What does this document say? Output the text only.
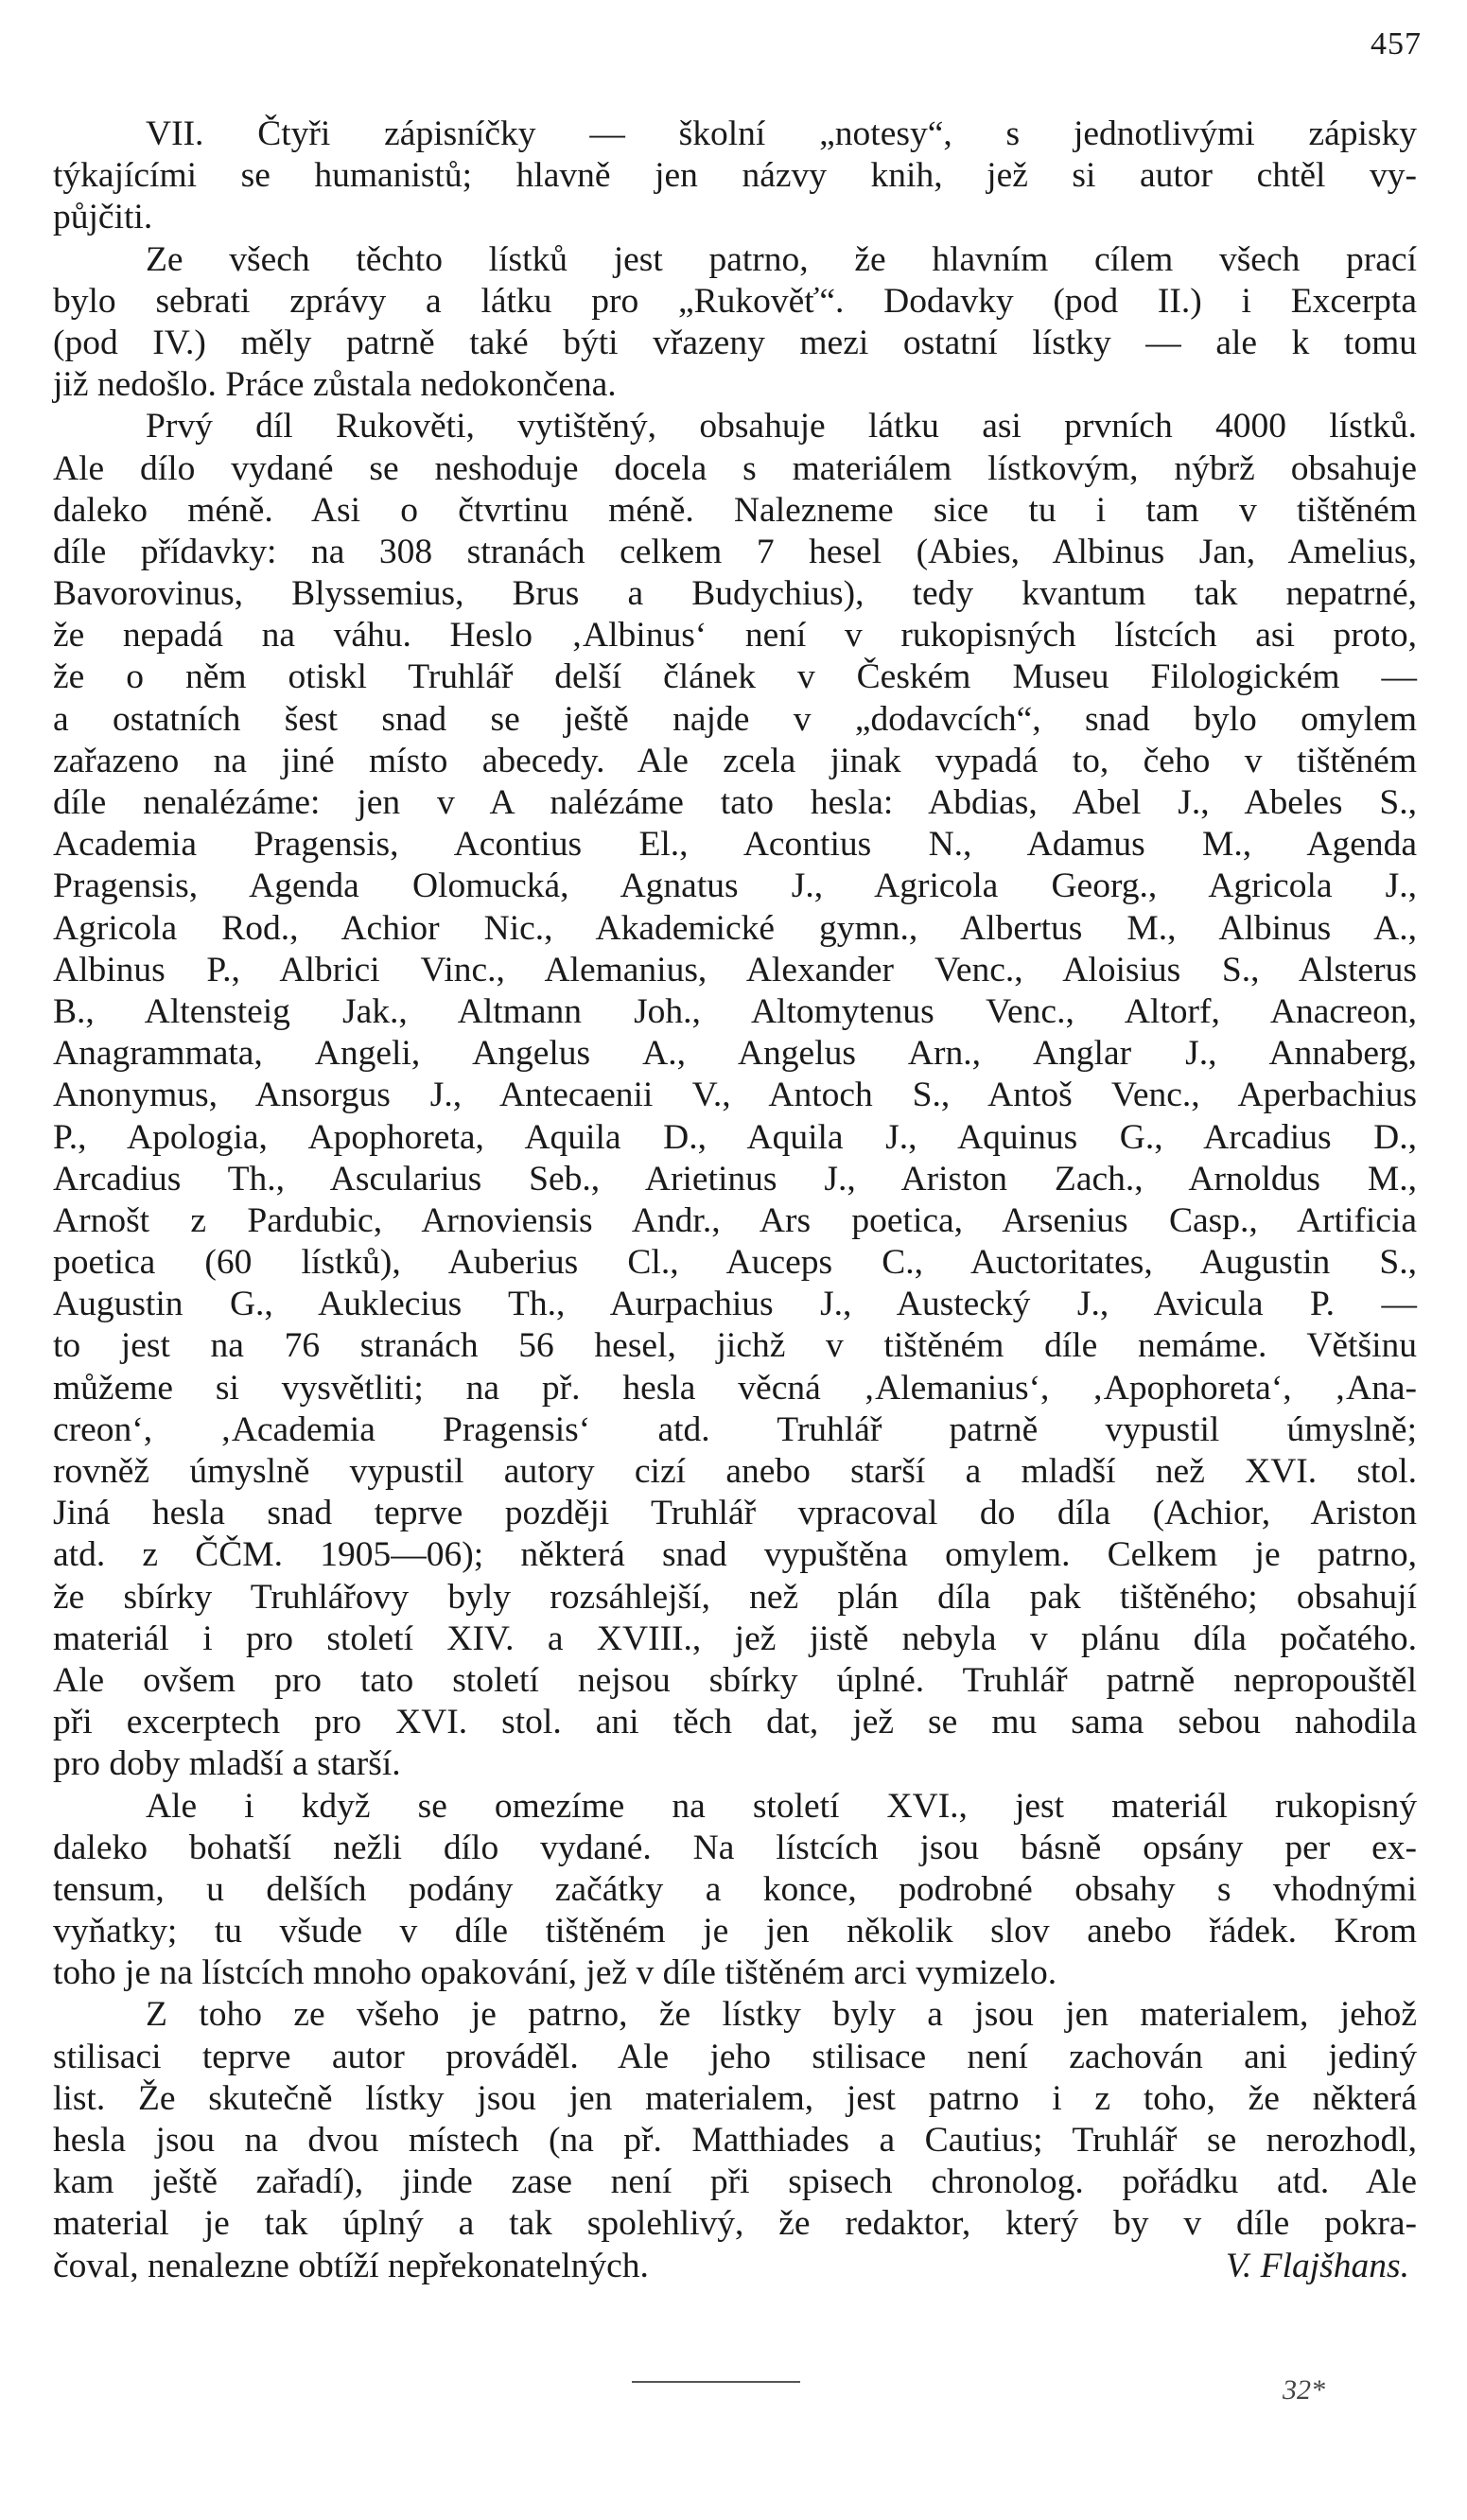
457
VII. Čtyři zápisníčky — školní „notesy“, s jednotlivými zápisky
týkajícími se humanistů; hlavně jen názvy knih, jež si autor chtěl vy-
půjčiti.
Ze všech těchto lístků jest patrno, že hlavním cílem všech prací
bylo sebrati zprávy a látku pro „Rukověť“. Dodavky (pod II.) i Excerpta
(pod IV.) měly patrně také býti vřazeny mezi ostatní lístky — ale k tomu
již nedošlo. Práce zůstala nedokončena.
Prvý díl Rukověti, vytištěný, obsahuje látku asi prvních 4000 lístků.
Ale dílo vydané se neshoduje docela s materiálem lístkovým, nýbrž obsahuje
daleko méně. Asi o čtvrtinu méně. Nalezneme sice tu i tam v tištěném
díle přídavky: na 308 stranách celkem 7 hesel (Abies, Albinus Jan, Amelius,
Bavorovinus, Blyssemius, Brus a Budychius), tedy kvantum tak nepatrné,
že nepadá na váhu. Heslo ‚Albinus‘ není v rukopisných lístcích asi proto,
že o něm otiskl Truhlář delší článek v Českém Museu Filologickém —
a ostatních šest snad se ještě najde v „dodavcích“, snad bylo omylem
zařazeno na jiné místo abecedy. Ale zcela jinak vypadá to, čeho v tištěném
díle nenalézáme: jen v A nalézáme tato hesla: Abdias, Abel J., Abeles S.,
Academia Pragensis, Acontius El., Acontius N., Adamus M., Agenda
Pragensis, Agenda Olomucká, Agnatus J., Agricola Georg., Agricola J.,
Agricola Rod., Achior Nic., Akademické gymn., Albertus M., Albinus A.,
Albinus P., Albrici Vinc., Alemanius, Alexander Venc., Aloisius S., Alsterus
B., Altensteig Jak., Altmann Joh., Altomytenus Venc., Altorf, Anacreon,
Anagrammata, Angeli, Angelus A., Angelus Arn., Anglar J., Annaberg,
Anonymus, Ansorgus J., Antecaenii V., Antoch S., Antoš Venc., Aperbachius
P., Apologia, Apophoreta, Aquila D., Aquila J., Aquinus G., Arcadius D.,
Arcadius Th., Ascularius Seb., Arietinus J., Ariston Zach., Arnoldus M.,
Arnošt z Pardubic, Arnoviensis Andr., Ars poetica, Arsenius Casp., Artificia
poetica (60 lístků), Auberius Cl., Auceps C., Auctoritates, Augustin S.,
Augustin G., Auklecius Th., Aurpachius J., Austecký J., Avicula P. —
to jest na 76 stranách 56 hesel, jichž v tištěném díle nemáme. Většinu
můžeme si vysvětliti; na př. hesla věcná ‚Alemanius‘, ‚Apophoreta‘, ‚Ana-
creon‘, ‚Academia Pragensis‘ atd. Truhlář patrně vypustil úmyslně;
rovněž úmyslně vypustil autory cizí anebo starší a mladší než XVI. stol.
Jiná hesla snad teprve později Truhlář vpracoval do díla (Achior, Ariston
atd. z ČČM. 1905—06); některá snad vypuštěna omylem. Celkem je patrno,
že sbírky Truhlářovy byly rozsáhlejší, než plán díla pak tištěného; obsahují
materiál i pro století XIV. a XVIII., jež jistě nebyla v plánu díla počatého.
Ale ovšem pro tato století nejsou sbírky úplné. Truhlář patrně nepropouštěl
při excerptech pro XVI. stol. ani těch dat, jež se mu sama sebou nahodila
pro doby mladší a starší.
Ale i když se omezíme na století XVI., jest materiál rukopisný
daleko bohatší nežli dílo vydané. Na lístcích jsou básně opsány per ex-
tensum, u delších podány začátky a konce, podrobné obsahy s vhodnými
vyňatky; tu všude v díle tištěném je jen několik slov anebo řádek. Krom
toho je na lístcích mnoho opakování, jež v díle tištěném arci vymizelo.
Z toho ze všeho je patrno, že lístky byly a jsou jen materialem, jehož
stilisaci teprve autor prováděl. Ale jeho stilisace není zachován ani jediný
list. Že skutečně lístky jsou jen materialem, jest patrno i z toho, že některá
hesla jsou na dvou místech (na př. Matthiades a Cautius; Truhlář se nerozhodl,
kam ještě zařadí), jinde zase není při spisech chronolog. pořádku atd. Ale
material je tak úplný a tak spolehlivý, že redaktor, který by v díle pokra-
čoval, nenalezne obtíží nepřekonatelných.	V. Flajšhans.
32*
